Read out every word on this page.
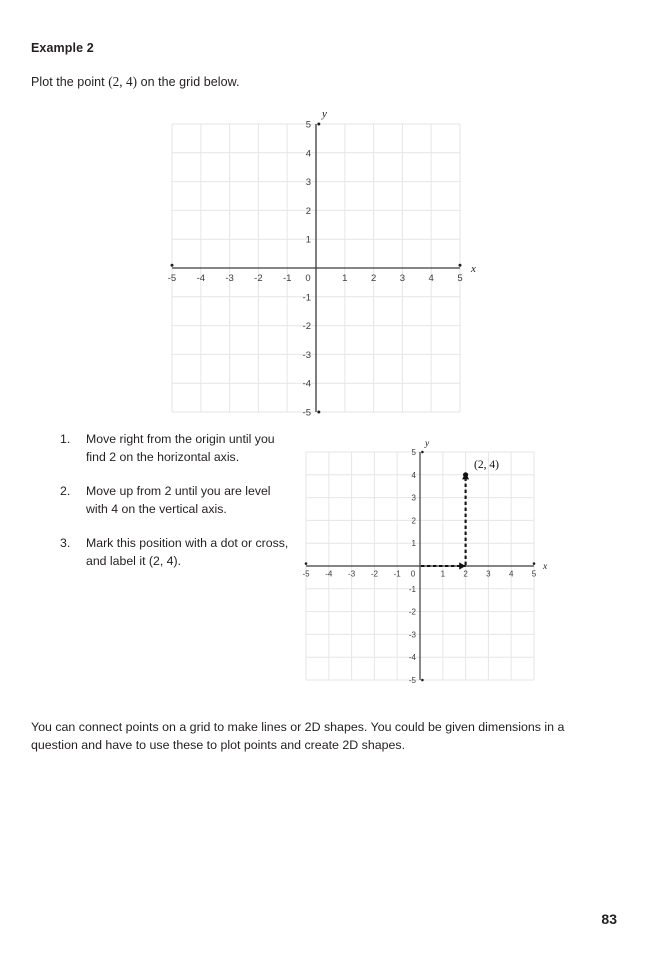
Example 2
Plot the point (2, 4) on the grid below.
-5 -4 -3 -2 -1 0	1 2 3 4 5
5
4
3
2
1
-1
-2
-3
-4
-5
x
y
1.	Move right from the origin until you find 2 on the horizontal axis.
2.	Move up from 2 until you are level with 4 on the vertical axis.
3.	Mark this position with a dot or cross, and label it (2, 4).
(2, 4)
-5 -4 -3 -2 -1 0	1 2 3 4 5
5
4
3
2
1
-1
-2
-3
-4
-5
x
y
You can connect points on a grid to make lines or 2D shapes. You could be given dimensions in a question and have to use these to plot points and create 2D shapes.
83
